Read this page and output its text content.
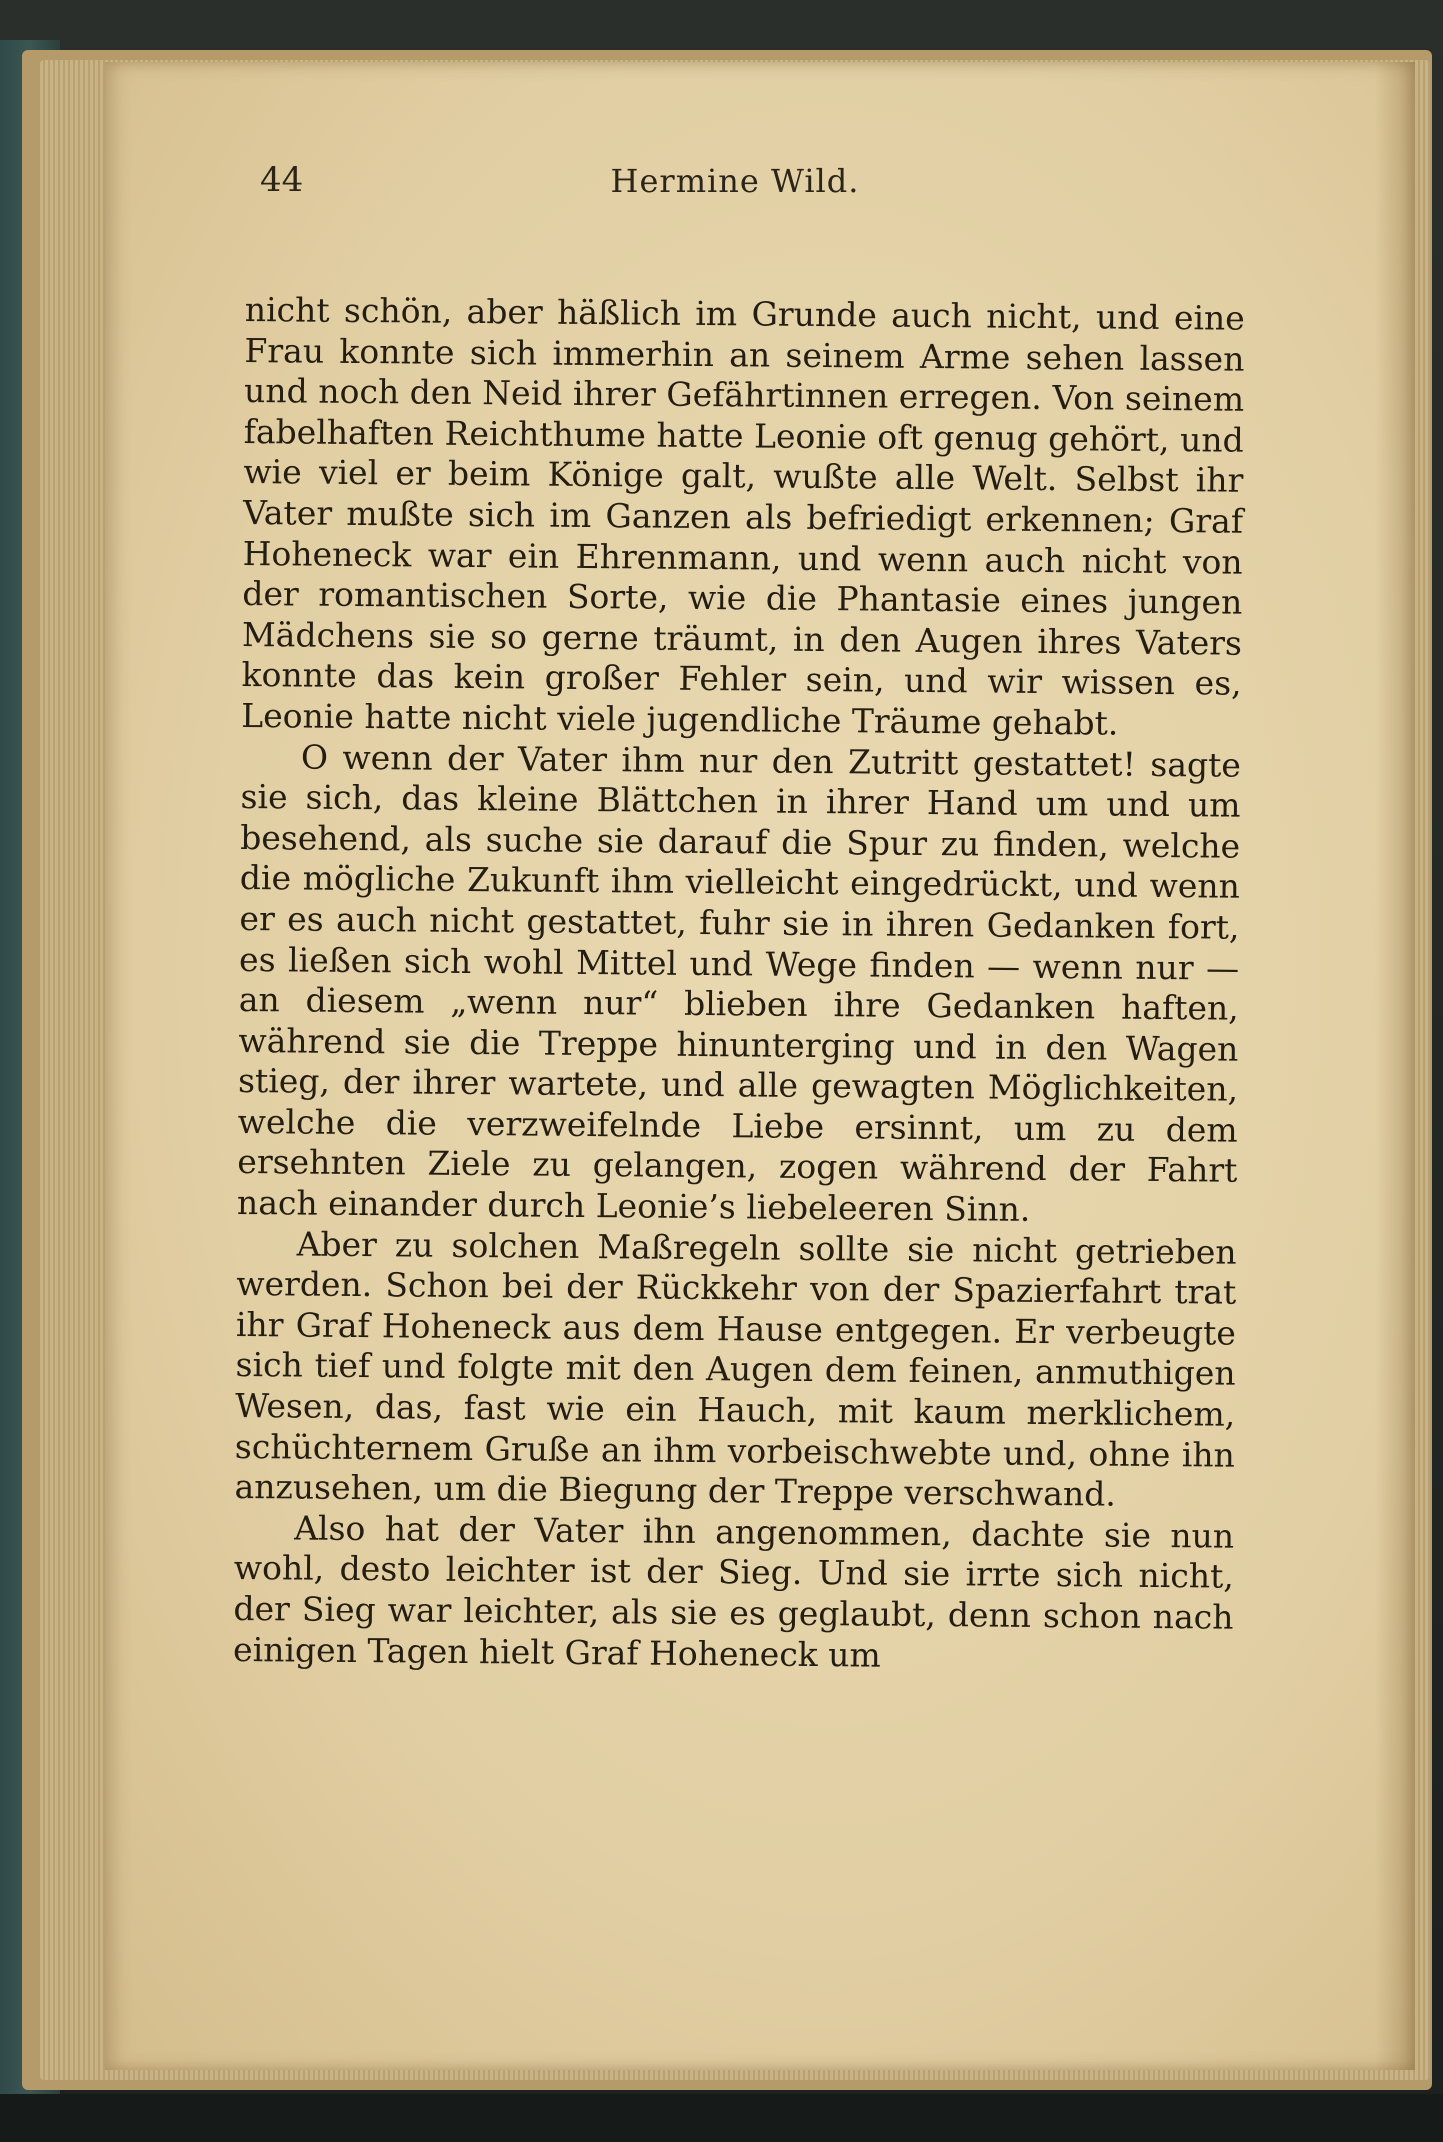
44	Hermine Wild.

nicht schön, aber häßlich im Grunde auch nicht, und eine Frau konnte sich immerhin an seinem Arme sehen lassen und noch den Neid ihrer Gefährtinnen erregen. Von seinem fabelhaften Reichthume hatte Leonie oft genug gehört, und wie viel er beim Könige galt, wußte alle Welt. Selbst ihr Vater mußte sich im Ganzen als befriedigt erkennen; Graf Hoheneck war ein Ehrenmann, und wenn auch nicht von der romantischen Sorte, wie die Phantasie eines jungen Mädchens sie so gerne träumt, in den Augen ihres Vaters konnte das kein großer Fehler sein, und wir wissen es, Leonie hatte nicht viele jugendliche Träume gehabt.

O wenn der Vater ihm nur den Zutritt gestattet! sagte sie sich, das kleine Blättchen in ihrer Hand um und um besehend, als suche sie darauf die Spur zu finden, welche die mögliche Zukunft ihm vielleicht eingedrückt, und wenn er es auch nicht gestattet, fuhr sie in ihren Gedanken fort, es ließen sich wohl Mittel und Wege finden — wenn nur — an diesem „wenn nur“ blieben ihre Gedanken haften, während sie die Treppe hinunterging und in den Wagen stieg, der ihrer wartete, und alle gewagten Möglichkeiten, welche die verzweifelnde Liebe ersinnt, um zu dem ersehnten Ziele zu gelangen, zogen während der Fahrt nach einander durch Leonie’s liebeleeren Sinn.

Aber zu solchen Maßregeln sollte sie nicht getrieben werden. Schon bei der Rückkehr von der Spazierfahrt trat ihr Graf Hoheneck aus dem Hause entgegen. Er verbeugte sich tief und folgte mit den Augen dem feinen, anmuthigen Wesen, das, fast wie ein Hauch, mit kaum merklichem, schüchternem Gruße an ihm vorbeischwebte und, ohne ihn anzusehen, um die Biegung der Treppe verschwand.

Also hat der Vater ihn angenommen, dachte sie nun wohl, desto leichter ist der Sieg. Und sie irrte sich nicht, der Sieg war leichter, als sie es geglaubt, denn schon nach einigen Tagen hielt Graf Hoheneck um
